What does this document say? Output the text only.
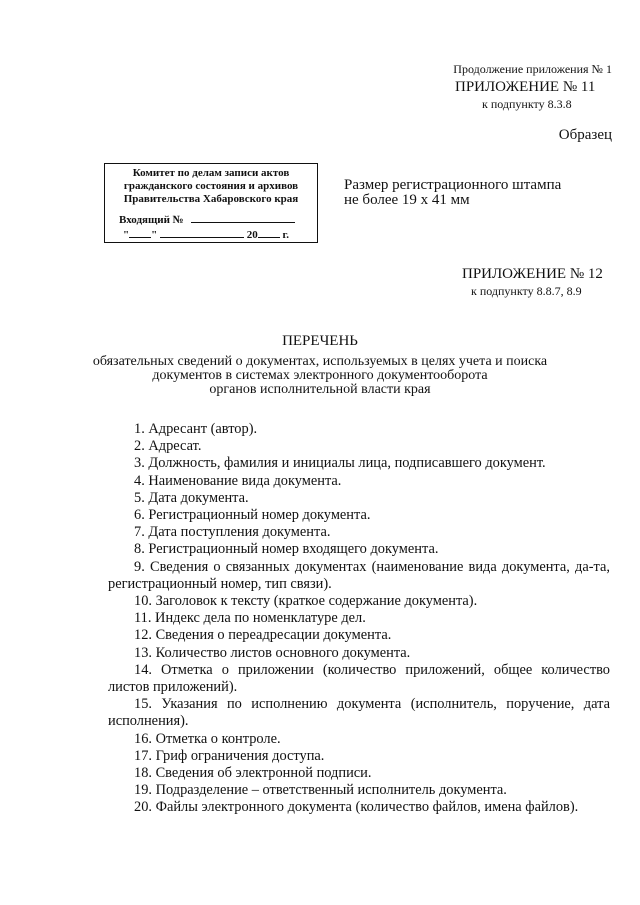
Продолжение приложения № 1
ПРИЛОЖЕНИЕ № 11
к подпункту 8.3.8
Образец
Комитет по делам записи актов
гражданского состояния и архивов
Правительства Хабаровского края
Входящий №
" "	20 г.
Размер регистрационного штампа
не более 19 х 41 мм
ПРИЛОЖЕНИЕ № 12
к подпункту 8.8.7, 8.9
ПЕРЕЧЕНЬ
обязательных сведений о документах, используемых в целях учета и поиска
документов в системах электронного документооборота
органов исполнительной власти края
1. Адресант (автор).
2. Адресат.
3. Должность, фамилия и инициалы лица, подписавшего документ.
4. Наименование вида документа.
5. Дата документа.
6. Регистрационный номер документа.
7. Дата поступления документа.
8. Регистрационный номер входящего документа.
9. Сведения о связанных документах (наименование вида документа, да-та, регистрационный номер, тип связи).
10. Заголовок к тексту (краткое содержание документа).
11. Индекс дела по номенклатуре дел.
12. Сведения о переадресации документа.
13. Количество листов основного документа.
14. Отметка о приложении (количество приложений, общее количество листов приложений).
15. Указания по исполнению документа (исполнитель, поручение, дата исполнения).
16. Отметка о контроле.
17. Гриф ограничения доступа.
18. Сведения об электронной подписи.
19. Подразделение – ответственный исполнитель документа.
20. Файлы электронного документа (количество файлов, имена файлов).
